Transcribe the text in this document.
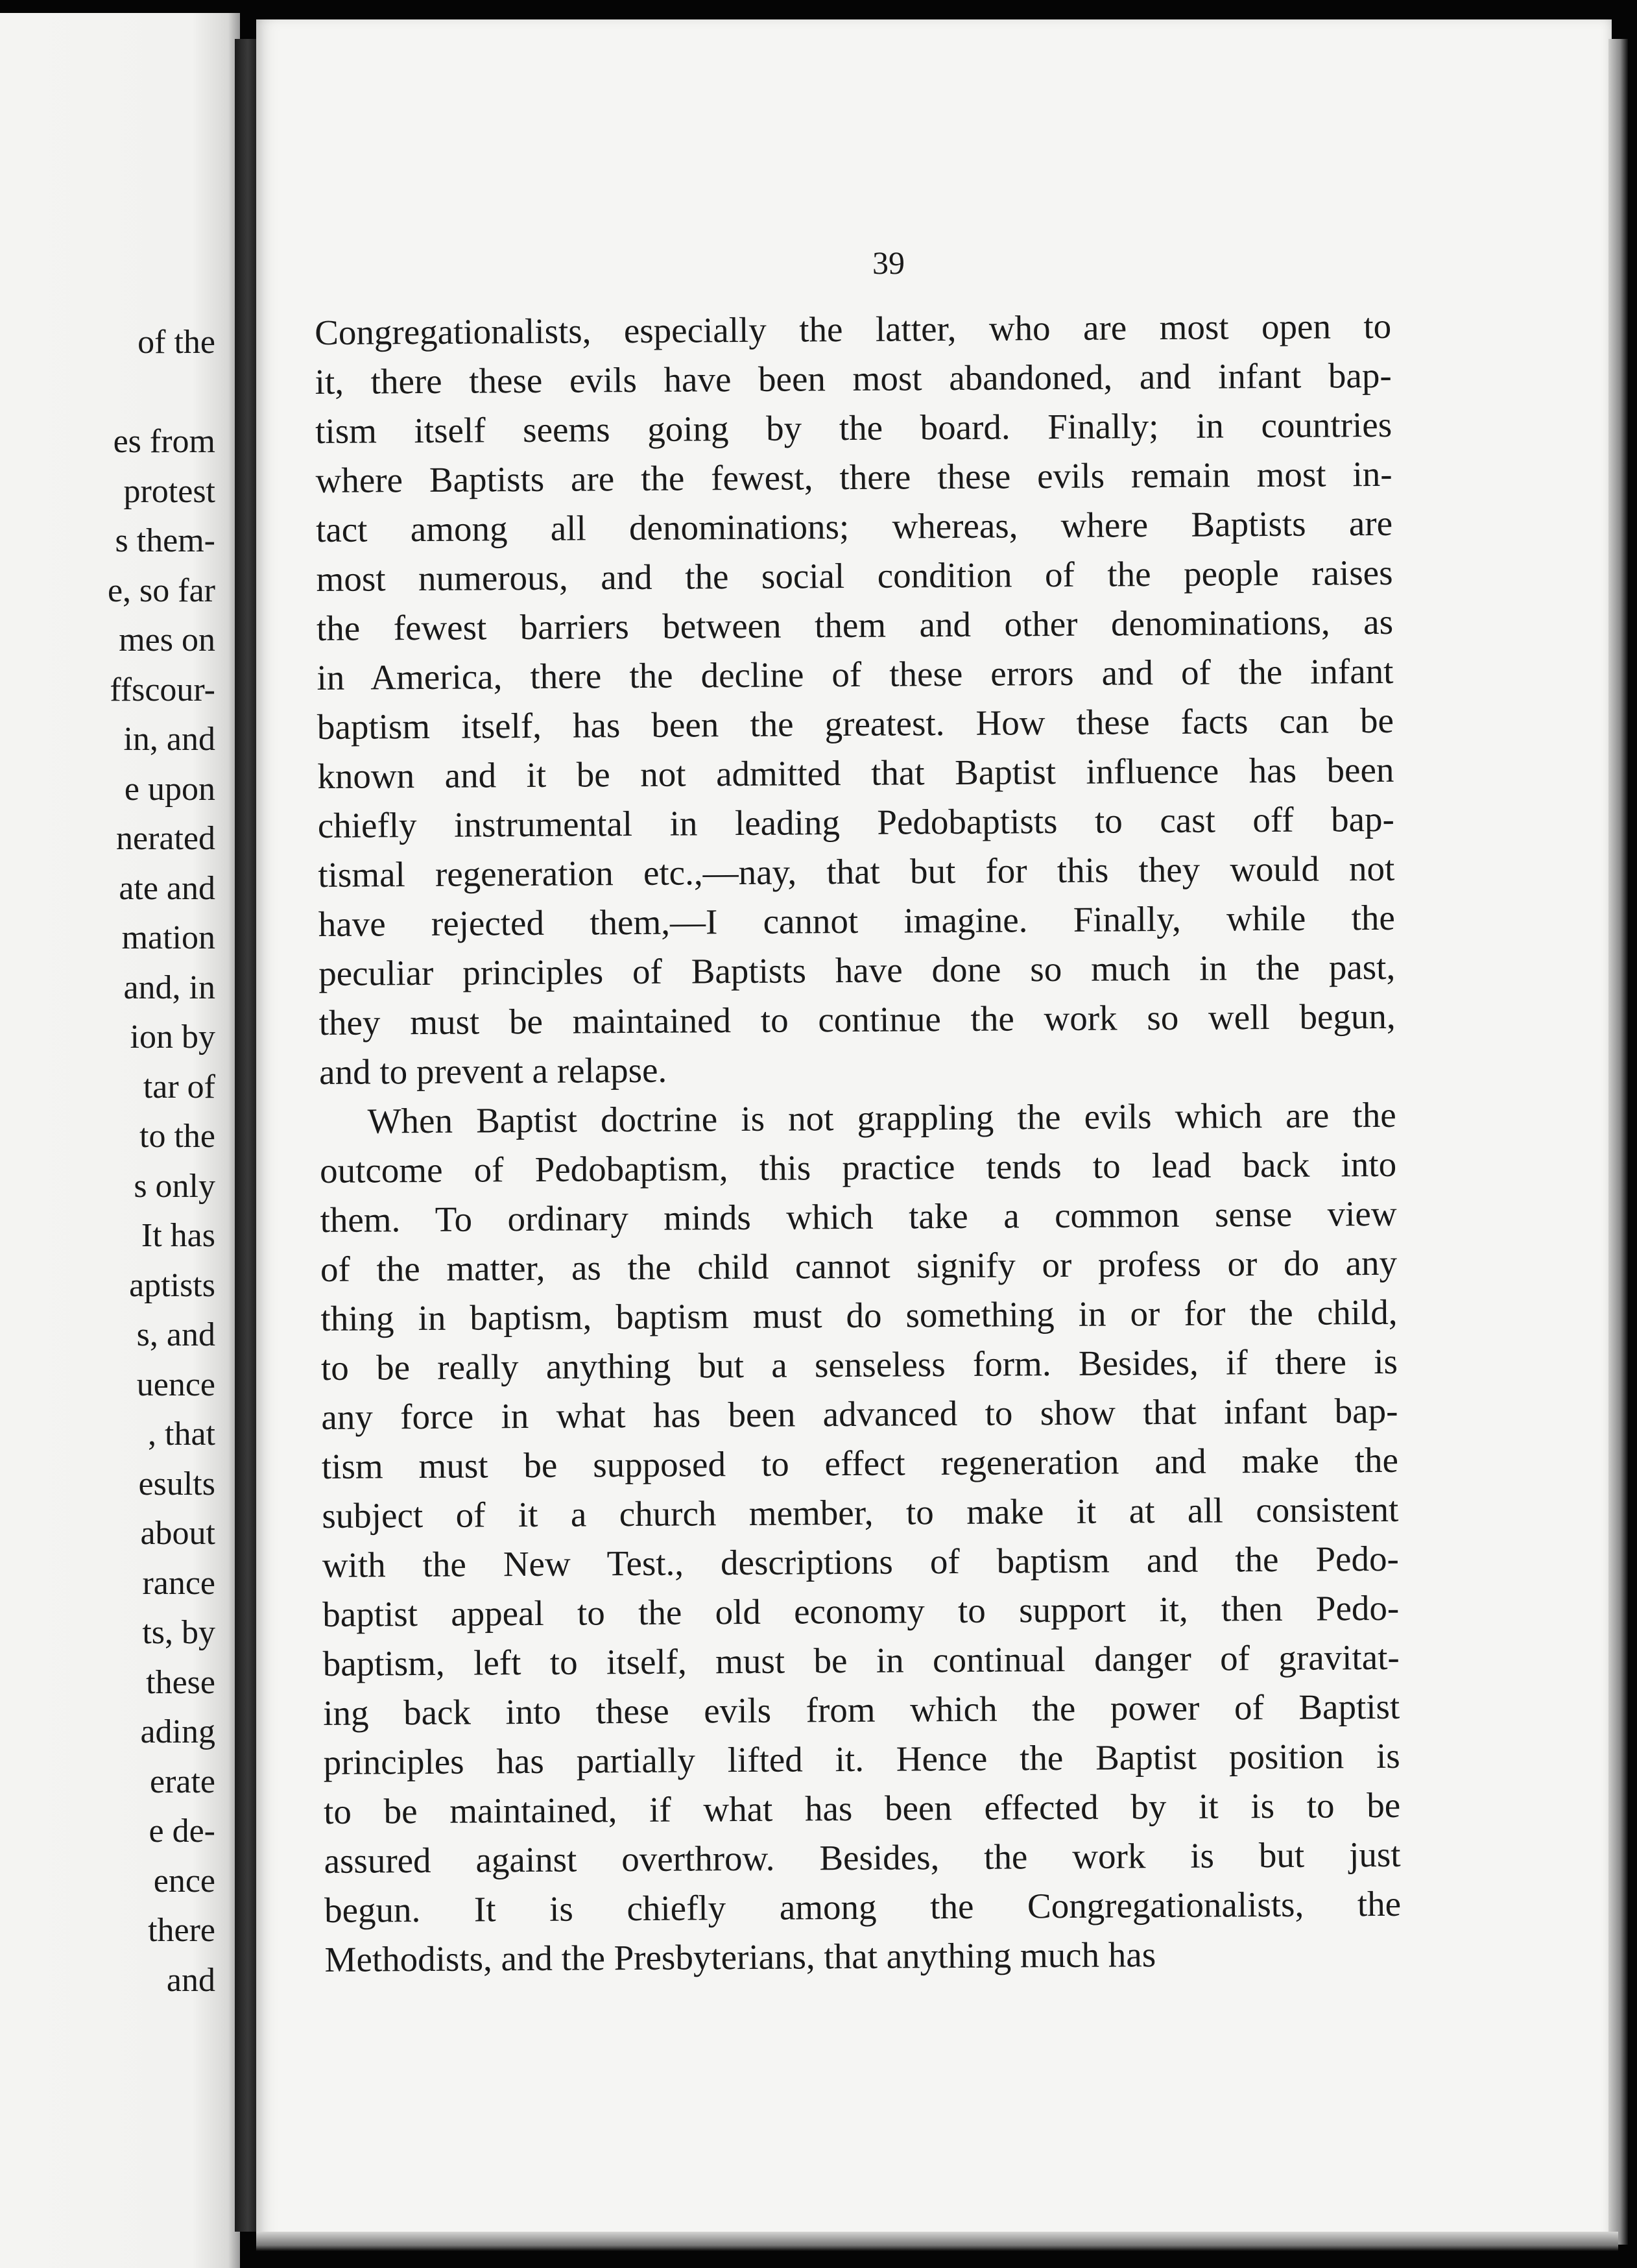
of the
es from
protest
s them-
e, so far
mes on
ffscour-
in, and
e upon
nerated
ate and
mation
and, in
ion by
tar of
to the
s only
It has
aptists
s, and
uence
, that
esults
about
rance
ts, by
these
ading
erate
e de-
ence
there
and
39
Congregationalists, especially the latter, who are most open to
it, there these evils have been most abandoned, and infant bap-
tism itself seems going by the board. Finally; in countries
where Baptists are the fewest, there these evils remain most in-
tact among all denominations; whereas, where Baptists are
most numerous, and the social condition of the people raises
the fewest barriers between them and other denominations, as
in America, there the decline of these errors and of the infant
baptism itself, has been the greatest. How these facts can be
known and it be not admitted that Baptist influence has been
chiefly instrumental in leading Pedobaptists to cast off bap-
tismal regeneration etc.,—nay, that but for this they would not
have rejected them,—I cannot imagine. Finally, while the
peculiar principles of Baptists have done so much in the past,
they must be maintained to continue the work so well begun,
and to prevent a relapse.
When Baptist doctrine is not grappling the evils which are the
outcome of Pedobaptism, this practice tends to lead back into
them. To ordinary minds which take a common sense view
of the matter, as the child cannot signify or profess or do any
thing in baptism, baptism must do something in or for the child,
to be really anything but a senseless form. Besides, if there is
any force in what has been advanced to show that infant bap-
tism must be supposed to effect regeneration and make the
subject of it a church member, to make it at all consistent
with the New Test., descriptions of baptism and the Pedo-
baptist appeal to the old economy to support it, then Pedo-
baptism, left to itself, must be in continual danger of gravitat-
ing back into these evils from which the power of Baptist
principles has partially lifted it. Hence the Baptist position is
to be maintained, if what has been effected by it is to be
assured against overthrow. Besides, the work is but just
begun. It is chiefly among the Congregationalists, the
Methodists, and the Presbyterians, that anything much has
